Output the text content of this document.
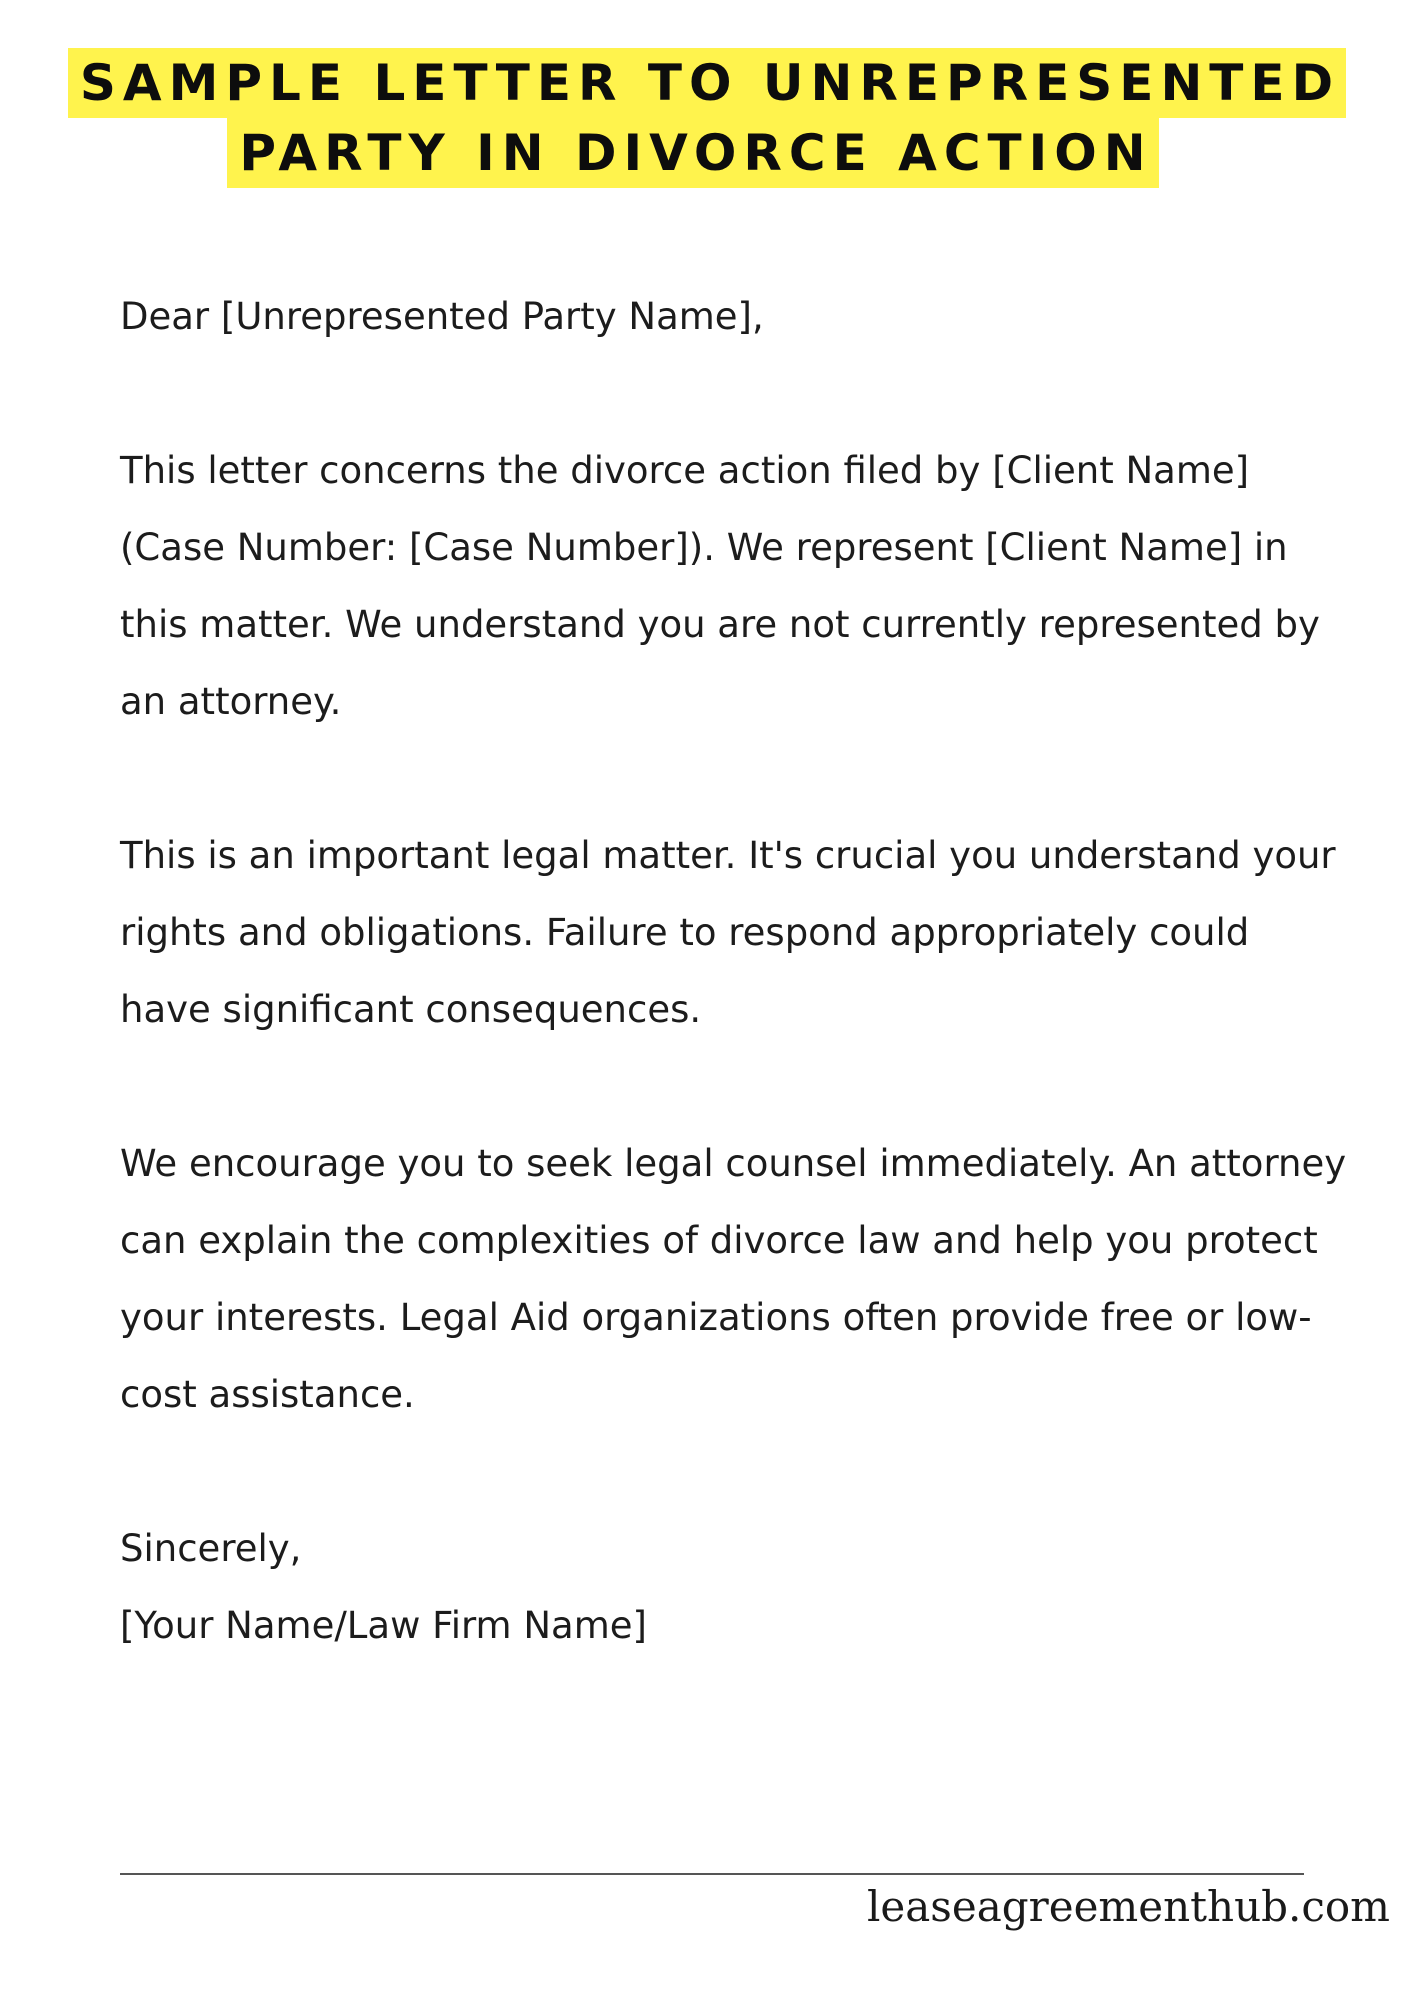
SAMPLE LETTER TO UNREPRESENTED
PARTY IN DIVORCE ACTION

Dear [Unrepresented Party Name],

This letter concerns the divorce action filed by [Client Name] (Case Number: [Case Number]). We represent [Client Name] in this matter. We understand you are not currently represented by an attorney.

This is an important legal matter. It's crucial you understand your rights and obligations. Failure to respond appropriately could have significant consequences.

We encourage you to seek legal counsel immediately. An attorney can explain the complexities of divorce law and help you protect your interests. Legal Aid organizations often provide free or low-cost assistance.

Sincerely,
[Your Name/Law Firm Name]
leaseagreementhub.com
